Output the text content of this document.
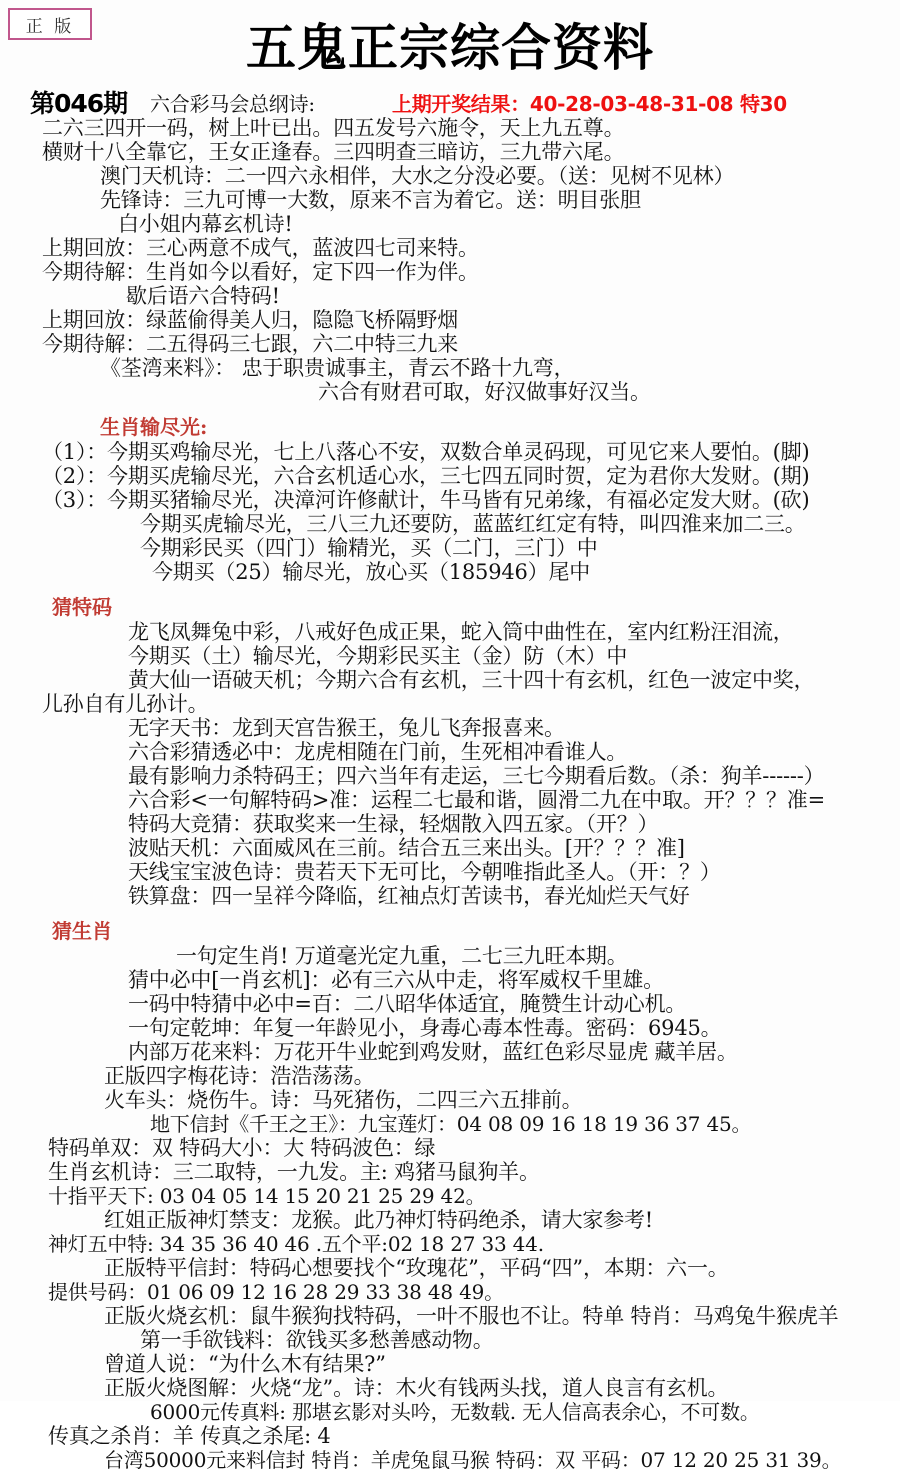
正 版	五鬼正宗综合资料
第046期	上期开奖结果：40-28-03-48-31-08 特30
六合彩马会总纲诗:
二六三四开一码，树上叶已出。四五发号六施令，天上九五尊。
横财十八全靠它，王女正逢春。三四明查三暗访，三九带六尾。
澳门天机诗：二一四六永相伴，大水之分没必要。（送：见树不见林）
先锋诗：三九可博一大数，原来不言为着它。送：明目张胆
白小姐内幕玄机诗!
上期回放：三心两意不成气，蓝波四七司来特。
今期待解：生肖如今以看好，定下四一作为伴。
歇后语六合特码!
上期回放：绿蓝偷得美人归，隐隐飞桥隔野烟
今期待解：二五得码三七跟，六二中特三九来
《荃湾来料》： 忠于职贵诚事主，青云不路十九弯，
六合有财君可取，好汉做事好汉当。
生肖输尽光:
（1）：今期买鸡输尽光，七上八落心不安，双数合单灵码现，可见它来人要怕。(脚)
（2）：今期买虎输尽光，六合玄机适心水，三七四五同时贺，定为君你大发财。(期)
（3）：今期买猪输尽光，决漳河许修献计，牛马皆有兄弟缘，有福必定发大财。(砍)
今期买虎输尽光，三八三九还要防，蓝蓝红红定有特，叫四淮来加二三。
今期彩民买（四门）输精光，买（二门，三门）中
今期买（25）输尽光，放心买（185946）尾中
猜特码
龙飞凤舞兔中彩，八戒好色成正果，蛇入筒中曲性在，室内红粉汪泪流，
今期买（土）输尽光，今期彩民买主（金）防（木）中
黄大仙一语破天机；今期六合有玄机，三十四十有玄机，红色一波定中奖，
儿孙自有儿孙计。
无字天书：龙到天宫告猴王，兔儿飞奔报喜来。
六合彩猜透必中：龙虎相随在门前，生死相冲看谁人。
最有影响力杀特码王；四六当年有走运，三七今期看后数。（杀：狗羊------）
六合彩<一句解特码>准：运程二七最和谐，圆滑二九在中取。开？？？准=
特码大竞猜：获取奖来一生禄，轻烟散入四五家。（开？）
波贴天机：六面威风在三前。结合五三来出头。[开？？？准]
天线宝宝波色诗：贵若天下无可比，今朝唯指此圣人。（开：？）
铁算盘：四一呈祥今降临，红袖点灯苦读书，春光灿烂天气好
猜生肖
一句定生肖! 万道毫光定九重，二七三九旺本期。
猜中必中[一肖玄机]：必有三六从中走，将军威权千里雄。
一码中特猜中必中=百：二八昭华体适宜，腌赞生计动心机。
一句定乾坤：年复一年龄见小，身毒心毒本性毒。密码：6945。
内部万花来料：万花开牛业蛇到鸡发财，蓝红色彩尽显虎 藏羊居。
正版四字梅花诗：浩浩荡荡。
火车头：烧伤牛。诗：马死猪伤，二四三六五排前。
地下信封《千王之王》：九宝莲灯：04 08 09 16 18 19 36 37 45。
特码单双：双 特码大小：大 特码波色：绿
生肖玄机诗：三二取特，一九发。主: 鸡猪马鼠狗羊。
十指平天下: 03 04 05 14 15 20 21 25 29 42。
红姐正版神灯禁支：龙猴。此乃神灯特码绝杀，请大家参考!
神灯五中特: 34 35 36 40 46 .五个平:02 18 27 33 44.
正版特平信封：特码心想要找个“玫瑰花”，平码“四”，本期：六一。
提供号码：01 06 09 12 16 28 29 33 38 48 49。
正版火烧玄机：鼠牛猴狗找特码，一叶不服也不让。特单 特肖：马鸡兔牛猴虎羊
第一手欲钱料：欲钱买多愁善感动物。
曾道人说：“为什么木有结果?”
正版火烧图解：火烧“龙”。诗：木火有钱两头找，道人良言有玄机。
6000元传真料: 那堪玄影对头吟，无数载. 无人信高表余心，不可数。
传真之杀肖：羊 传真之杀尾: 4
台湾50000元来料信封 特肖：羊虎兔鼠马猴 特码：双 平码：07 12 20 25 31 39。
